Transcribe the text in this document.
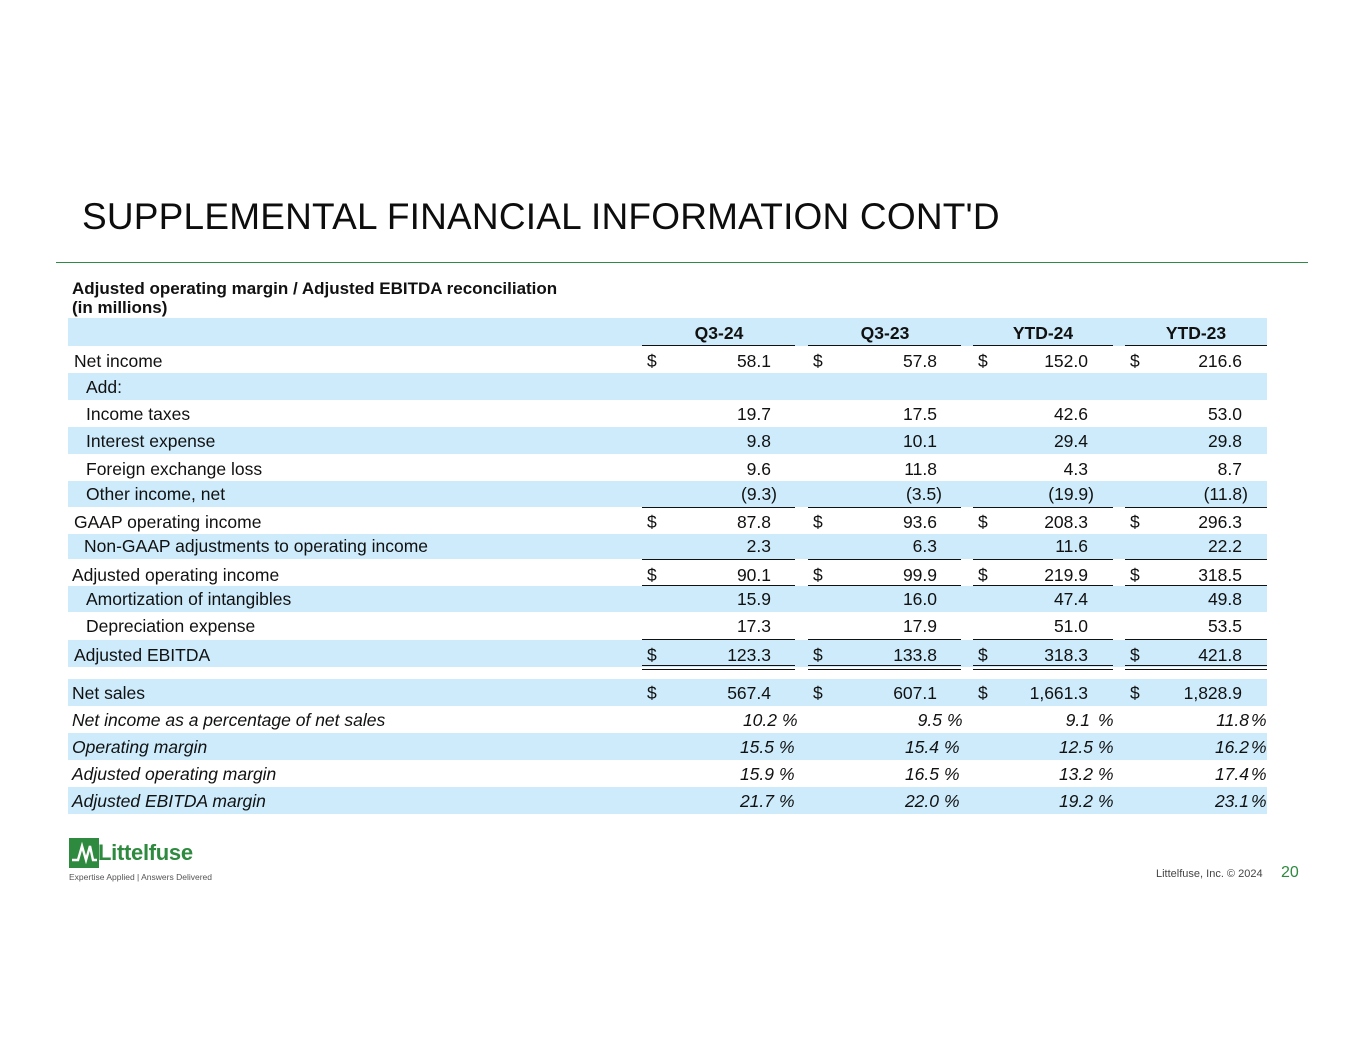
SUPPLEMENTAL FINANCIAL INFORMATION CONT'D
Adjusted operating margin / Adjusted EBITDA reconciliation
(in millions)
Q3-24	Q3-23	YTD-24	YTD-23
Net income	$	58.1 $	57.8 $	152.0 $	216.6
Add:
Income taxes	19.7	17.5	42.6	53.0
Interest expense	9.8	10.1	29.4	29.8
Foreign exchange loss	9.6	11.8	4.3	8.7
Other income, net	(9.3)	(3.5)	(19.9)	(11.8)
GAAP operating income	$	87.8 $	93.6 $	208.3 $	296.3
Non-GAAP adjustments to operating income	2.3	6.3	11.6	22.2
Adjusted operating income	$	90.1 $	99.9 $	219.9 $	318.5
Amortization of intangibles	15.9	16.0	47.4	49.8
Depreciation expense	17.3	17.9	51.0	53.5
Adjusted EBITDA	$	123.3 $	133.8 $	318.3 $	421.8
Net sales	$	567.4 $	607.1 $	1,661.3 $	1,828.9
Net income as a percentage of net sales	10.2 %	9.5 %	9.1 %	11.8 %
Operating margin	15.5 %	15.4 %	12.5 %	16.2 %
Adjusted operating margin	15.9 %	16.5 %	13.2 %	17.4 %
Adjusted EBITDA margin	21.7 %	22.0 %	19.2 %	23.1 %
Littelfuse
Expertise Applied | Answers Delivered	Littelfuse, Inc. © 2024 20
